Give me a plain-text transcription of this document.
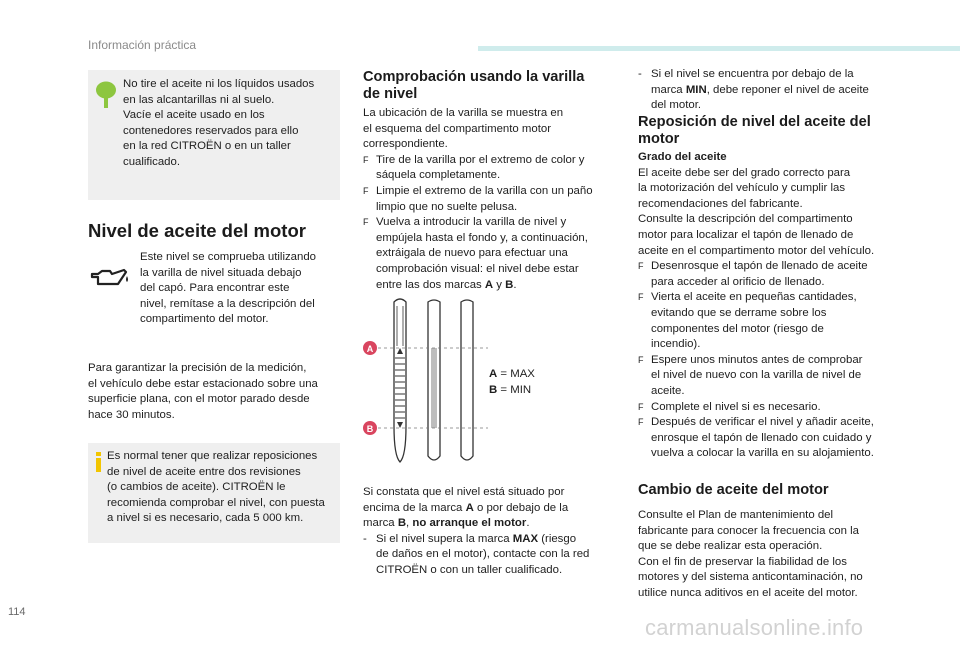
Información práctica
No tire el aceite ni los líquidos usados
en las alcantarillas ni al suelo.
Vacíe el aceite usado en los
contenedores reservados para ello
en la red CITROËN o en un taller
cualificado.
Nivel de aceite del motor
Este nivel se comprueba utilizando
la varilla de nivel situada debajo
del capó. Para encontrar este
nivel, remítase a la descripción del
compartimento del motor.
Para garantizar la precisión de la medición,
el vehículo debe estar estacionado sobre una
superficie plana, con el motor parado desde
hace 30 minutos.
Es normal tener que realizar reposiciones
de nivel de aceite entre dos revisiones
(o cambios de aceite). CITROËN le
recomienda comprobar el nivel, con puesta
a nivel si es necesario, cada 5 000 km.
Comprobación usando la varilla
de nivel
La ubicación de la varilla se muestra en
el esquema del compartimento motor
correspondiente.
F Tire de la varilla por el extremo de color y
sáquela completamente.
F Limpie el extremo de la varilla con un paño
limpio que no suelte pelusa.
F Vuelva a introducir la varilla de nivel y
empújela hasta el fondo y, a continuación,
extráigala de nuevo para efectuar una
comprobación visual: el nivel debe estar
entre las dos marcas A y B.
A
B
A = MAX
B = MIN
Si constata que el nivel está situado por
encima de la marca A o por debajo de la
marca B, no arranque el motor.
- Si el nivel supera la marca MAX (riesgo
de daños en el motor), contacte con la red
CITROËN o con un taller cualificado.
- Si el nivel se encuentra por debajo de la
marca MIN, debe reponer el nivel de aceite
del motor.
Reposición de nivel del aceite del
motor
Grado del aceite
El aceite debe ser del grado correcto para
la motorización del vehículo y cumplir las
recomendaciones del fabricante.
Consulte la descripción del compartimento
motor para localizar el tapón de llenado de
aceite en el compartimento motor del vehículo.
F Desenrosque el tapón de llenado de aceite
para acceder al orificio de llenado.
F Vierta el aceite en pequeñas cantidades,
evitando que se derrame sobre los
componentes del motor (riesgo de
incendio).
F Espere unos minutos antes de comprobar
el nivel de nuevo con la varilla de nivel de
aceite.
F Complete el nivel si es necesario.
F Después de verificar el nivel y añadir aceite,
enrosque el tapón de llenado con cuidado y
vuelva a colocar la varilla en su alojamiento.
Cambio de aceite del motor
Consulte el Plan de mantenimiento del
fabricante para conocer la frecuencia con la
que se debe realizar esta operación.
Con el fin de preservar la fiabilidad de los
motores y del sistema anticontaminación, no
utilice nunca aditivos en el aceite del motor.
114
carmanualsonline.info
